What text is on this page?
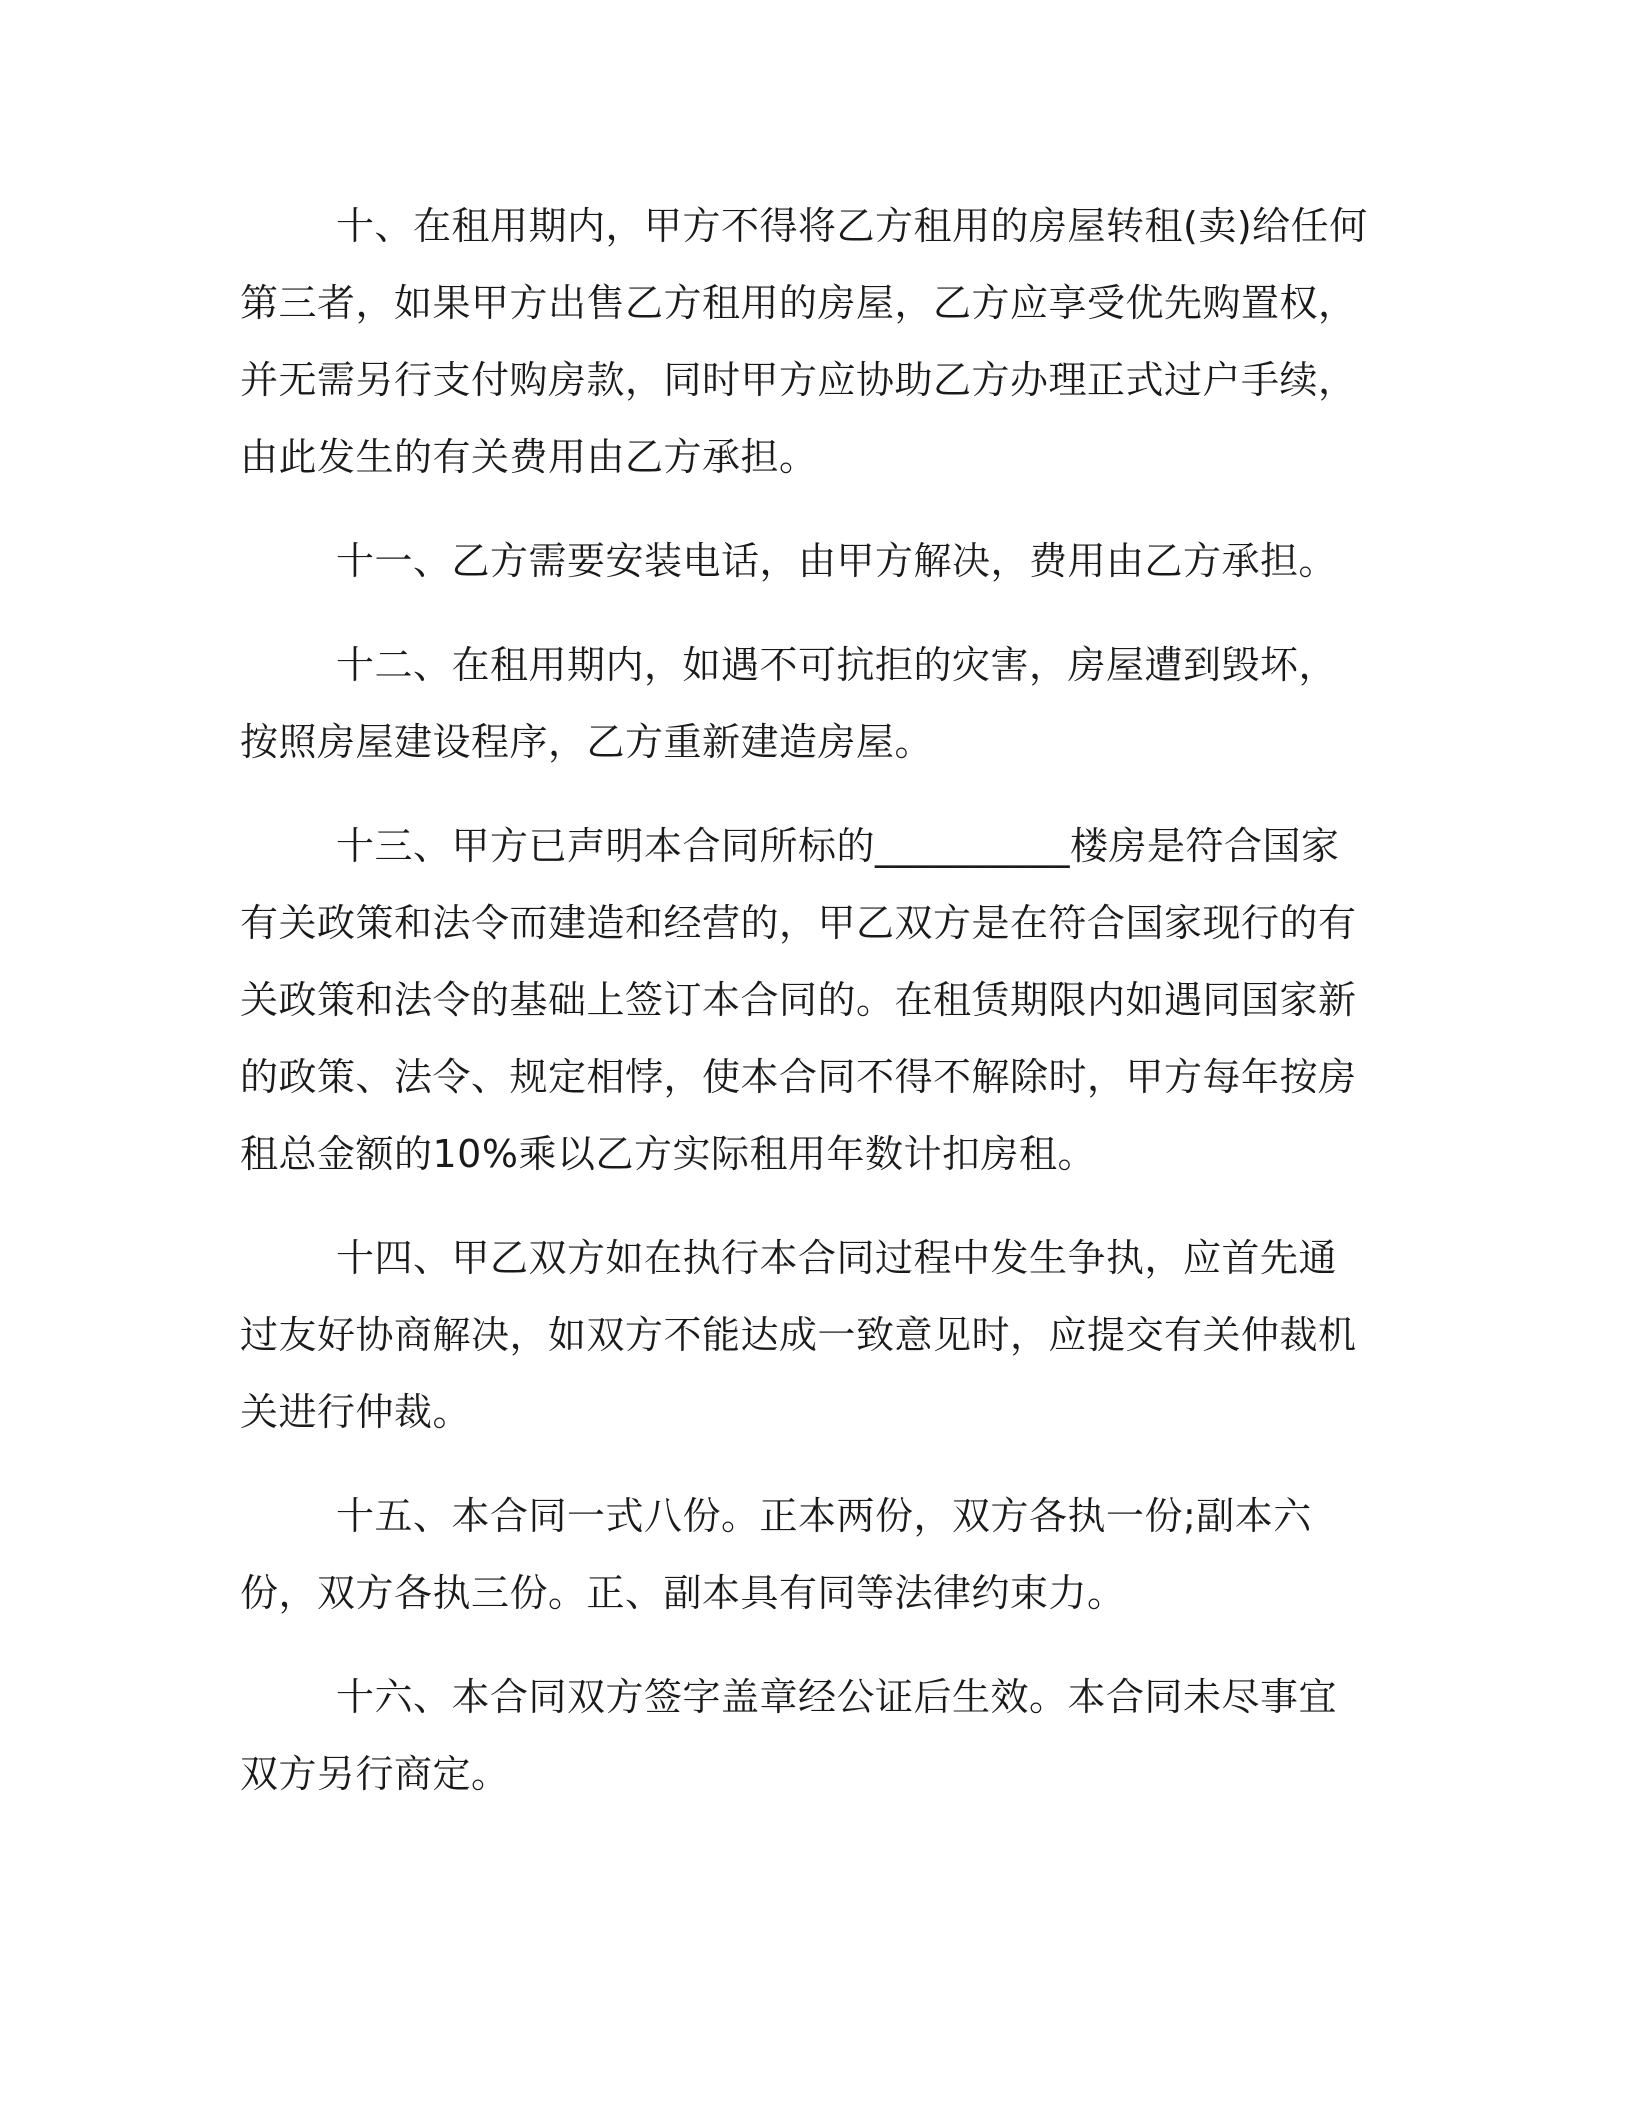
十、在租用期内，甲方不得将乙方租用的房屋转租(卖)给任何第三者，如果甲方出售乙方租用的房屋，乙方应享受优先购置权，并无需另行支付购房款，同时甲方应协助乙方办理正式过户手续，由此发生的有关费用由乙方承担。

十一、乙方需要安装电话，由甲方解决，费用由乙方承担。

十二、在租用期内，如遇不可抗拒的灾害，房屋遭到毁坏，按照房屋建设程序，乙方重新建造房屋。

十三、甲方已声明本合同所标的__________楼房是符合国家有关政策和法令而建造和经营的，甲乙双方是在符合国家现行的有关政策和法令的基础上签订本合同的。在租赁期限内如遇同国家新的政策、法令、规定相悖，使本合同不得不解除时，甲方每年按房租总金额的10%乘以乙方实际租用年数计扣房租。

十四、甲乙双方如在执行本合同过程中发生争执，应首先通过友好协商解决，如双方不能达成一致意见时，应提交有关仲裁机关进行仲裁。

十五、本合同一式八份。正本两份，双方各执一份;副本六份，双方各执三份。正、副本具有同等法律约束力。

十六、本合同双方签字盖章经公证后生效。本合同未尽事宜双方另行商定。
